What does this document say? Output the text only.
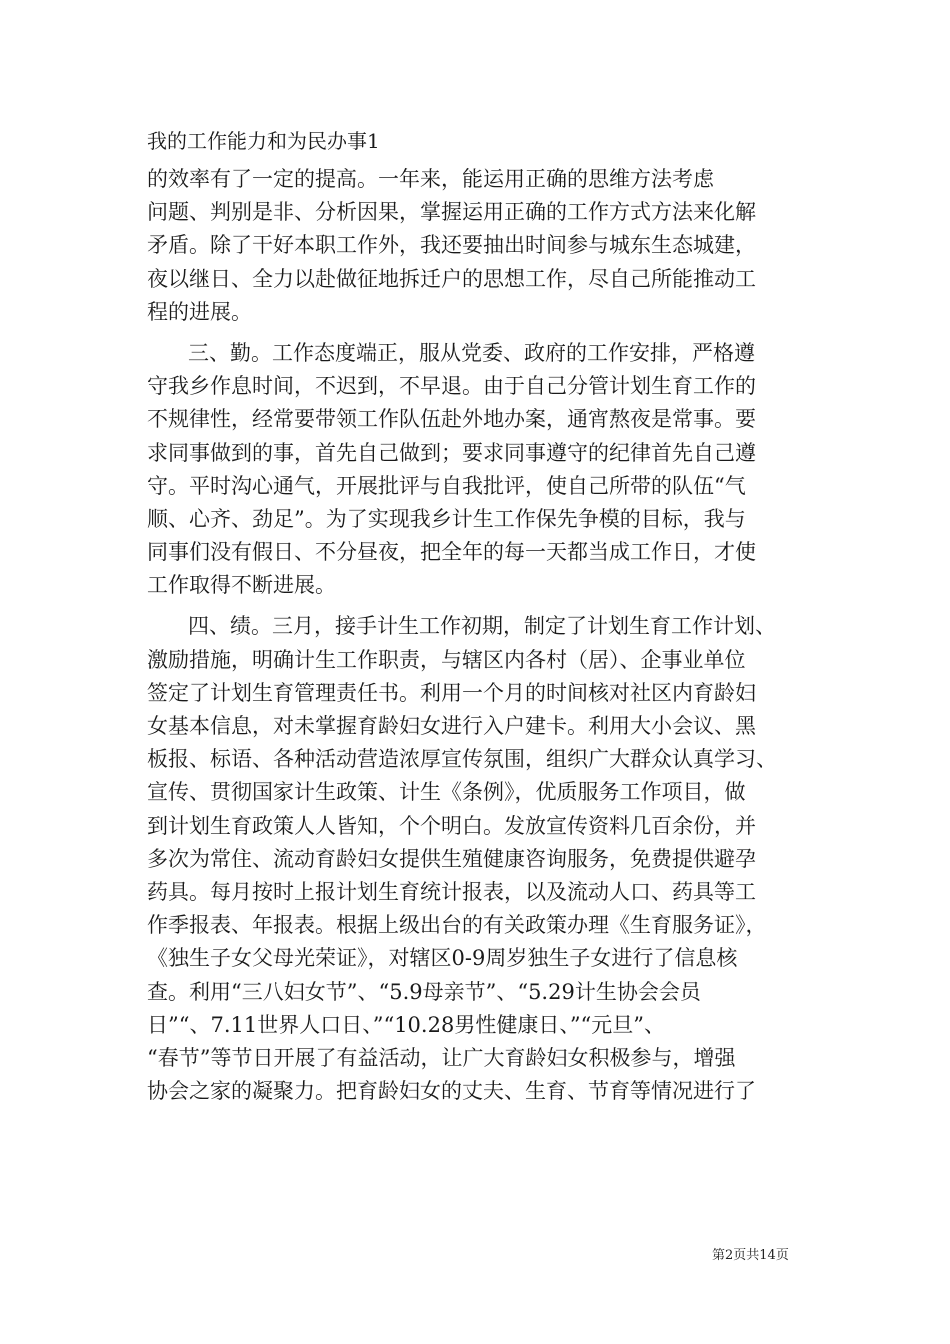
我的工作能力和为民办事1
的效率有了一定的提高。一年来，能运用正确的思维方法考虑
问题、判别是非、分析因果，掌握运用正确的工作方式方法来化解
矛盾。除了干好本职工作外，我还要抽出时间参与城东生态城建，
夜以继日、全力以赴做征地拆迁户的思想工作，尽自己所能推动工
程的进展。
三、勤。工作态度端正，服从党委、政府的工作安排，严格遵
守我乡作息时间，不迟到，不早退。由于自己分管计划生育工作的
不规律性，经常要带领工作队伍赴外地办案，通宵熬夜是常事。要
求同事做到的事，首先自己做到；要求同事遵守的纪律首先自己遵
守。平时沟心通气，开展批评与自我批评，使自己所带的队伍“气
顺、心齐、劲足”。为了实现我乡计生工作保先争模的目标，我与
同事们没有假日、不分昼夜，把全年的每一天都当成工作日，才使
工作取得不断进展。
四、绩。三月，接手计生工作初期，制定了计划生育工作计划、
激励措施，明确计生工作职责，与辖区内各村（居）、企事业单位
签定了计划生育管理责任书。利用一个月的时间核对社区内育龄妇
女基本信息，对未掌握育龄妇女进行入户建卡。利用大小会议、黑
板报、标语、各种活动营造浓厚宣传氛围，组织广大群众认真学习、
宣传、贯彻国家计生政策、计生《条例》，优质服务工作项目，做
到计划生育政策人人皆知，个个明白。发放宣传资料几百余份，并
多次为常住、流动育龄妇女提供生殖健康咨询服务，免费提供避孕
药具。每月按时上报计划生育统计报表，以及流动人口、药具等工
作季报表、年报表。根据上级出台的有关政策办理《生育服务证》，
《独生子女父母光荣证》，对辖区0-9周岁独生子女进行了信息核
查。利用“三八妇女节”、“5.9母亲节”、“5.29计生协会会员
日”“、7.11世界人口日、”“10.28男性健康日、”“元旦”、
“春节”等节日开展了有益活动，让广大育龄妇女积极参与，增强
协会之家的凝聚力。把育龄妇女的丈夫、生育、节育等情况进行了
第2页共14页
